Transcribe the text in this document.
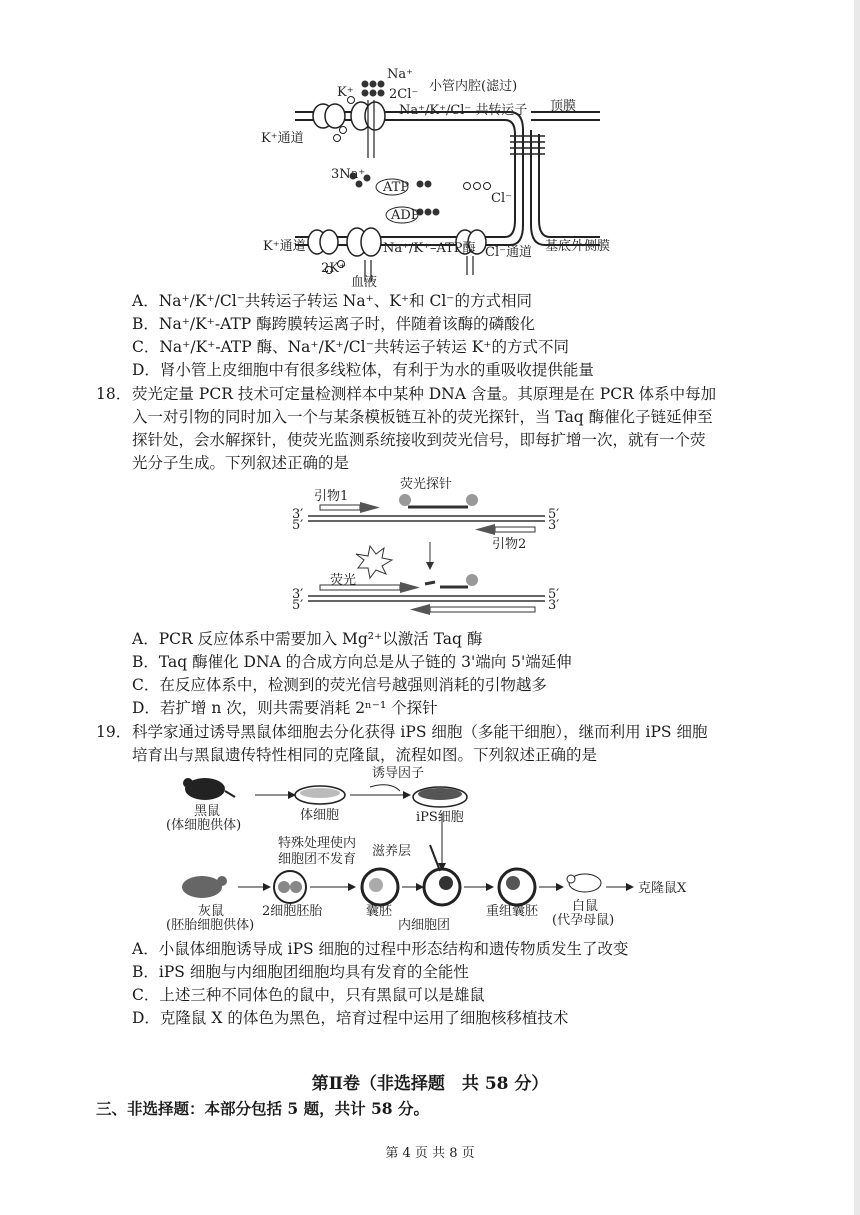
Na⁺
K⁺	2Cl⁻
小管内腔(滤过)
Na⁺/K⁺/Cl⁻ 共转运子 顶膜
K⁺通道
3Na⁺
ATP
ADP
Cl⁻
K⁺通道
2K⁺
Na⁺/K⁺–ATP酶 Cl⁻通道 基底外侧膜
血液
A．Na⁺/K⁺/Cl⁻共转运子转运 Na⁺、K⁺和 Cl⁻的方式相同
B．Na⁺/K⁺-ATP 酶跨膜转运离子时，伴随着该酶的磷酸化
C．Na⁺/K⁺-ATP 酶、Na⁺/K⁺/Cl⁻共转运子转运 K⁺的方式不同
D．肾小管上皮细胞中有很多线粒体，有利于为水的重吸收提供能量
18． 荧光定量 PCR 技术可定量检测样本中某种 DNA 含量。其原理是在 PCR 体系中每加
入一对引物的同时加入一个与某条模板链互补的荧光探针，当 Taq 酶催化子链延伸至
探针处，会水解探针，使荧光监测系统接收到荧光信号，即每扩增一次，就有一个荧
光分子生成。下列叙述正确的是
荧光探针
引物1
引物2
荧光
3′
5′
5′
3′
3′
5′
5′
3′
A．PCR 反应体系中需要加入 Mg²⁺以激活 Taq 酶
B．Taq 酶催化 DNA 的合成方向总是从子链的 3'端向 5'端延伸
C．在反应体系中，检测到的荧光信号越强则消耗的引物越多
D．若扩增 n 次，则共需要消耗 2ⁿ⁻¹ 个探针
19． 科学家通过诱导黑鼠体细胞去分化获得 iPS 细胞（多能干细胞），继而利用 iPS 细胞
培育出与黑鼠遗传特性相同的克隆鼠，流程如图。下列叙述正确的是
黑鼠
(体细胞供体)
体细胞
诱导因子
iPS细胞
特殊处理使内
细胞团不发育
滋养层
灰鼠
(胚胎细胞供体)
2细胞胚胎	囊胚
内细胞团
重组囊胚	白鼠
(代孕母鼠)
克隆鼠X
A．小鼠体细胞诱导成 iPS 细胞的过程中形态结构和遗传物质发生了改变
B．iPS 细胞与内细胞团细胞均具有发育的全能性
C．上述三种不同体色的鼠中，只有黑鼠可以是雄鼠
D．克隆鼠 X 的体色为黑色，培育过程中运用了细胞核移植技术
第Ⅱ卷（非选择题　共 58 分）
三、非选择题：本部分包括 5 题，共计 58 分。
第 4 页 共 8 页
